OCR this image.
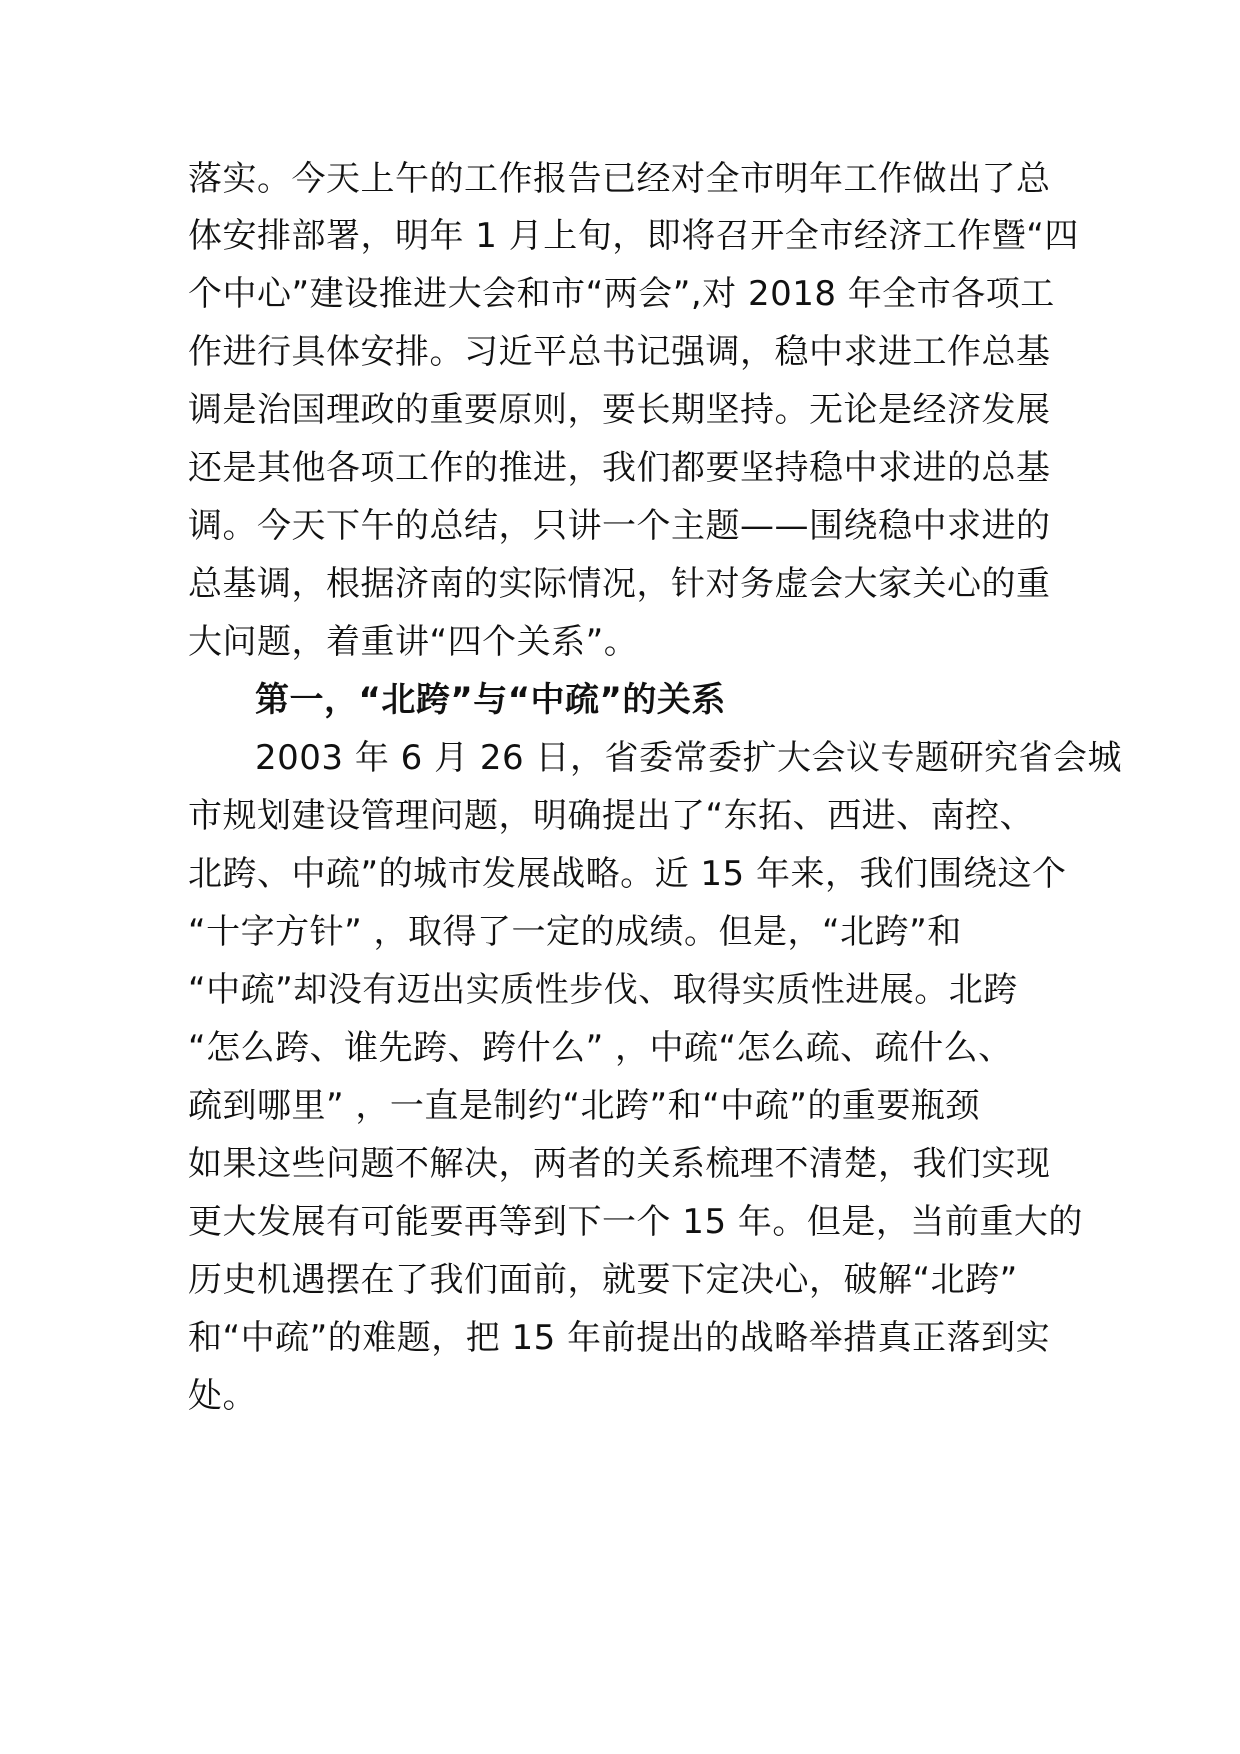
落实。今天上午的工作报告已经对全市明年工作做出了总
体安排部署，明年 1 月上旬，即将召开全市经济工作暨“四
个中心”建设推进大会和市“两会”,对 2018 年全市各项工
作进行具体安排。习近平总书记强调，稳中求进工作总基
调是治国理政的重要原则，要长期坚持。无论是经济发展
还是其他各项工作的推进，我们都要坚持稳中求进的总基
调。今天下午的总结，只讲一个主题——围绕稳中求进的
总基调，根据济南的实际情况，针对务虚会大家关心的重
大问题，着重讲“四个关系”。
第一，“北跨”与“中疏”的关系
2003 年 6 月 26 日，省委常委扩大会议专题研究省会城
市规划建设管理问题，明确提出了“东拓、西进、南控、
北跨、中疏”的城市发展战略。近 15 年来，我们围绕这个
“十字方针” ，取得了一定的成绩。但是，“北跨”和
“中疏”却没有迈出实质性步伐、取得实质性进展。北跨
“怎么跨、谁先跨、跨什么” ，中疏“怎么疏、疏什么、
疏到哪里” ，一直是制约“北跨”和“中疏”的重要瓶颈
如果这些问题不解决，两者的关系梳理不清楚，我们实现
更大发展有可能要再等到下一个 15 年。但是，当前重大的
历史机遇摆在了我们面前，就要下定决心，破解“北跨”
和“中疏”的难题，把 15 年前提出的战略举措真正落到实
处。
